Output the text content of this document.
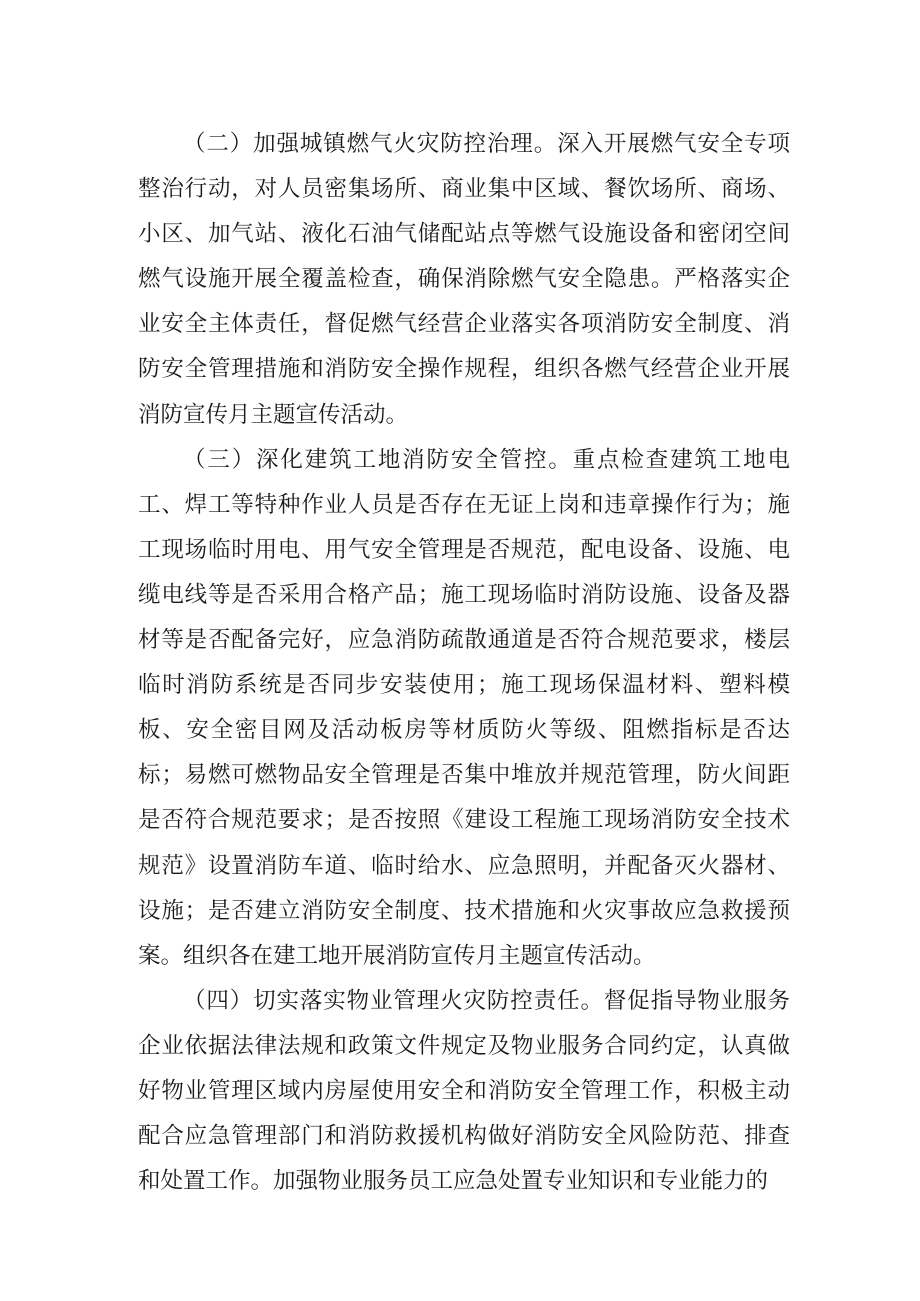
（二）加强城镇燃气火灾防控治理。深入开展燃气安全专项整治行动，对人员密集场所、商业集中区域、餐饮场所、商场、小区、加气站、液化石油气储配站点等燃气设施设备和密闭空间燃气设施开展全覆盖检查，确保消除燃气安全隐患。严格落实企业安全主体责任，督促燃气经营企业落实各项消防安全制度、消防安全管理措施和消防安全操作规程，组织各燃气经营企业开展消防宣传月主题宣传活动。

（三）深化建筑工地消防安全管控。重点检查建筑工地电工、焊工等特种作业人员是否存在无证上岗和违章操作行为；施工现场临时用电、用气安全管理是否规范，配电设备、设施、电缆电线等是否采用合格产品；施工现场临时消防设施、设备及器材等是否配备完好，应急消防疏散通道是否符合规范要求，楼层临时消防系统是否同步安装使用；施工现场保温材料、塑料模板、安全密目网及活动板房等材质防火等级、阻燃指标是否达标；易燃可燃物品安全管理是否集中堆放并规范管理，防火间距是否符合规范要求；是否按照《建设工程施工现场消防安全技术规范》设置消防车道、临时给水、应急照明，并配备灭火器材、设施；是否建立消防安全制度、技术措施和火灾事故应急救援预案。组织各在建工地开展消防宣传月主题宣传活动。

（四）切实落实物业管理火灾防控责任。督促指导物业服务企业依据法律法规和政策文件规定及物业服务合同约定，认真做好物业管理区域内房屋使用安全和消防安全管理工作，积极主动配合应急管理部门和消防救援机构做好消防安全风险防范、排查和处置工作。加强物业服务员工应急处置专业知识和专业能力的
